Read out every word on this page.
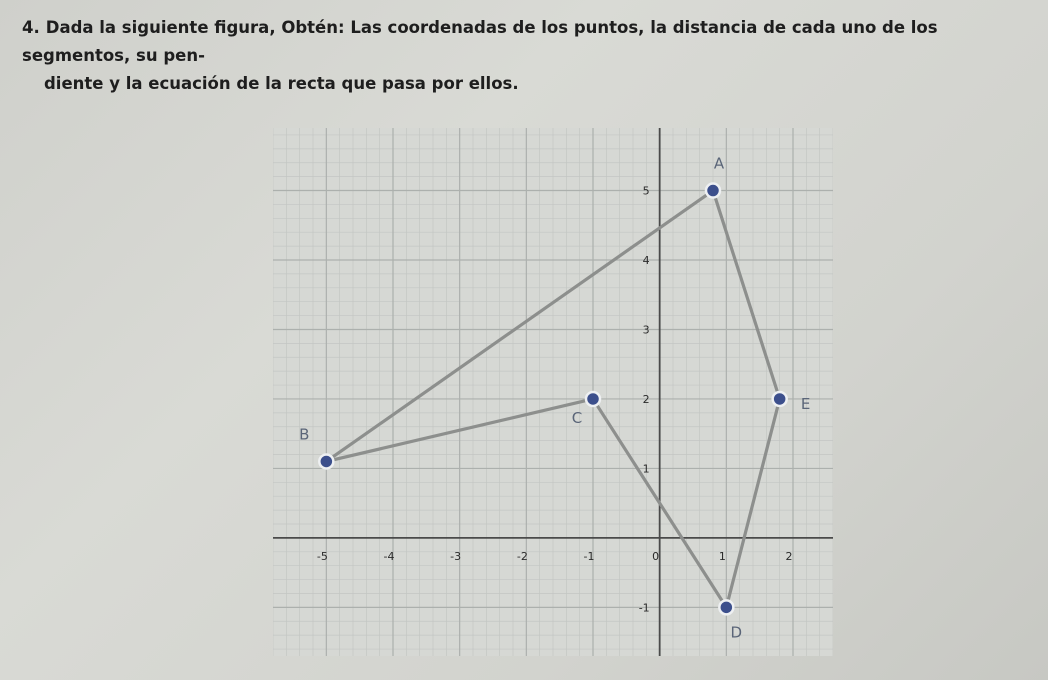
4. Dada la siguiente figura, Obtén: Las coordenadas de los puntos, la distancia de cada uno de los segmentos, su pen-
diente y la ecuación de la recta que pasa por ellos.
-5	-4	-3	-2	-1	0	1	2
5
4
3
2
1
-1
A
B
C
D
E
